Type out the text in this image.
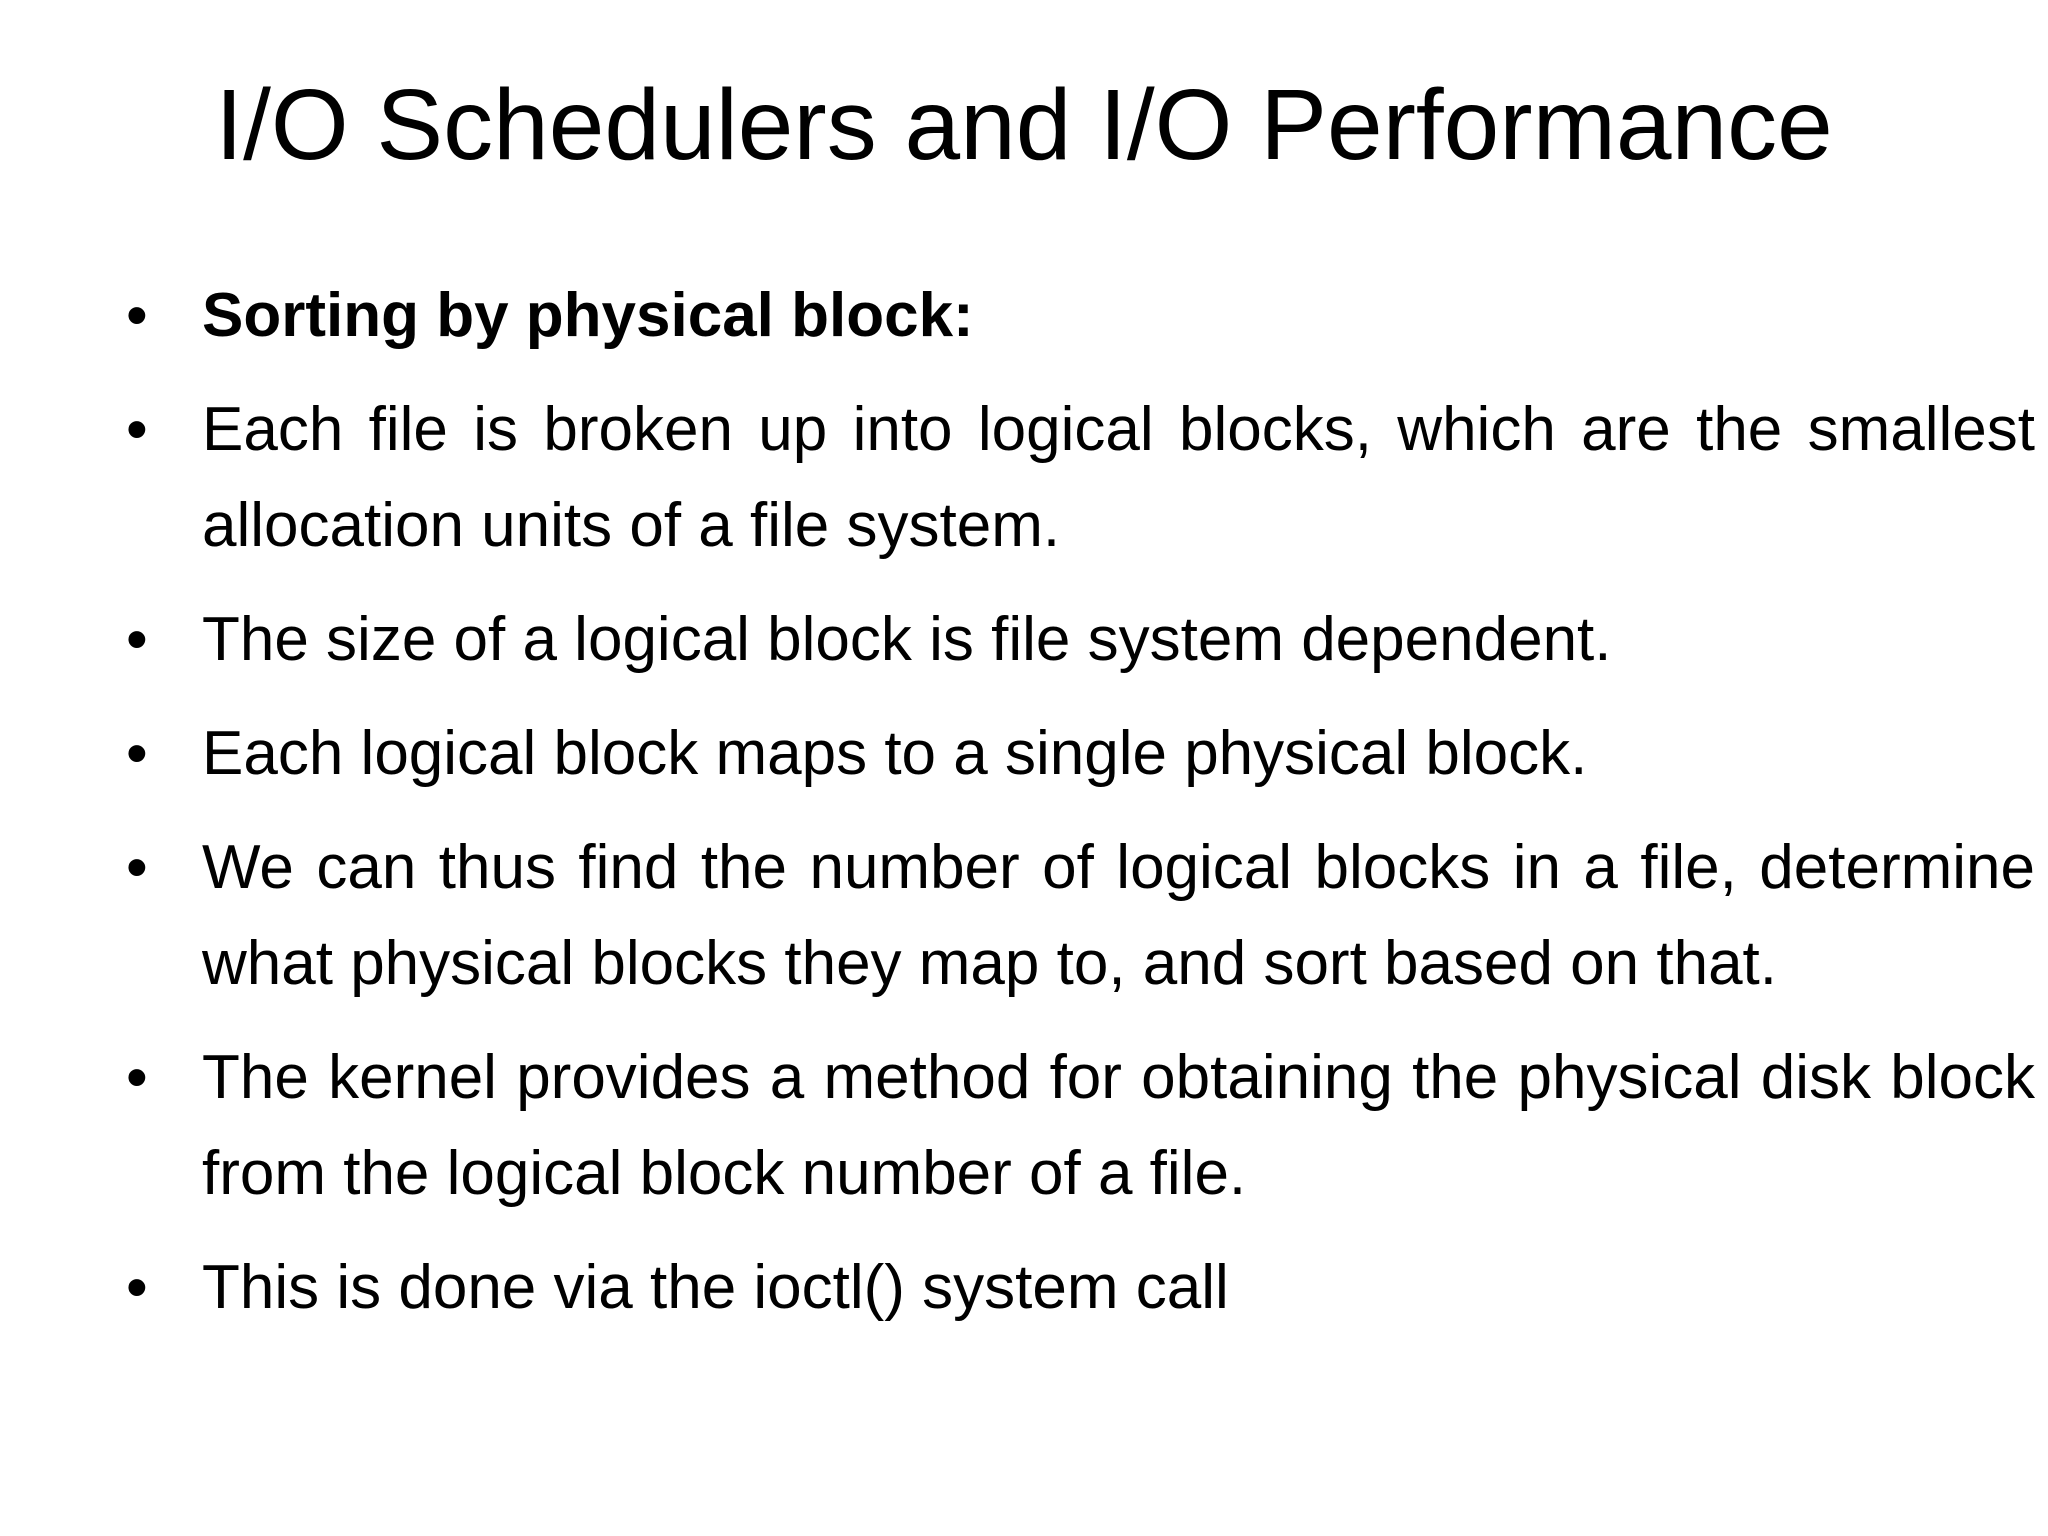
I/O Schedulers and I/O Performance
• Sorting by physical block:
• Each file is broken up into logical blocks, which are the smallest allocation units of a file system.
• The size of a logical block is file system dependent.
• Each logical block maps to a single physical block.
• We can thus find the number of logical blocks in a file, determine what physical blocks they map to, and sort based on that.
• The kernel provides a method for obtaining the physical disk block from the logical block number of a file.
• This is done via the ioctl() system call
